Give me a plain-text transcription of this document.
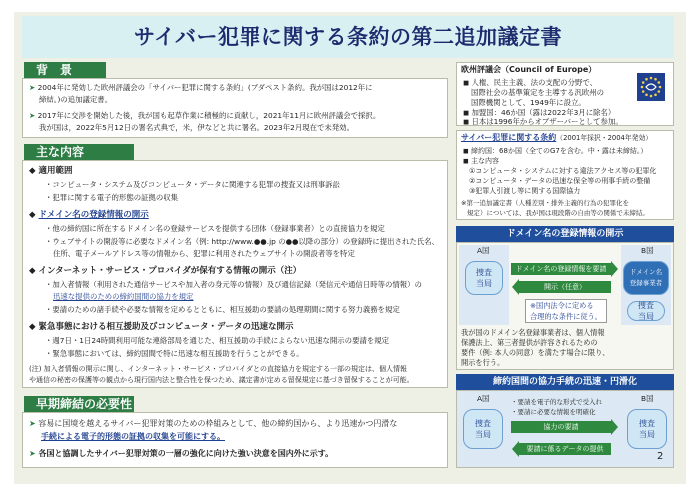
サイバー犯罪に関する条約の第二追加議定書
背　景
➤ 2004年に発効した欧州評議会の「サイバー犯罪に関する条約」(ブダペスト条約。我が国は2012年に
締結。)の追加議定書。
➤ 2017年に交渉を開始した後，我が国も起草作業に積極的に貢献し，2021年11月に欧州評議会で採択。
我が国は，2022年5月12日の署名式典で，米，伊などと共に署名。2023年2月現在で未発効。
主な内容
◆ 適用範囲
・コンピュータ・システム及びコンピュータ・データに関連する犯罪の捜査又は刑事訴訟
・犯罪に関する電子的形態の証拠の収集
◆ ドメイン名の登録情報の開示
・他の締約国に所在するドメイン名の登録サービスを提供する団体（登録事業者）との直接協力を規定
・ウェブサイトの開設等に必要なドメイン名（例: http://www.●●.jp の●●以降の部分）の登録時に提出された氏名、
住所、電子メールアドレス等の情報から、犯罪に利用されたウェブサイトの開設者等を特定
◆ インターネット・サービス・プロバイダが保有する情報の開示（注）
・加入者情報（利用された通信サービスや加入者の身元等の情報）及び通信記録（発信元や通信日時等の情報）の
迅速な提供のための締約国間の協力を規定
・要請のための諸手続や必要な情報を定めるとともに、相互援助の要請の処理期間に関する努力義務を規定
◆ 緊急事態における相互援助及びコンピュータ・データの迅速な開示
・週7日・1日24時間利用可能な連絡部局を通じた、相互援助の手続によらない迅速な開示の要請を規定
・緊急事態においては、締約国間で特に迅速な相互援助を行うことができる。
(注) 加入者情報の開示に関し、インターネット・サービス・プロバイダとの直接協力を規定する一部の規定は、個人情報
や通信の秘密の保護等の観点から現行国内法と整合性を保つため、議定書が定める留保規定に基づき留保することが可能。
早期締結の必要性
➤ 容易に国境を越えるサイバー犯罪対策のための枠組みとして、他の締約国から、より迅速かつ円滑な
手続による電子的形態の証拠の収集を可能にする。
➤ 各国と協調したサイバー犯罪対策の一層の強化に向けた強い決意を国内外に示す。
欧州評議会（Council of Europe）
◼ 人権、民主主義、法の支配の分野で、
国際社会の基準策定を主導する汎欧州の
国際機関として、1949年に設立。
◼ 加盟国：46か国（露は2022年3月に除名）
◼ 日本は1996年からオブザーバーとして参加。
サイバー犯罪に関する条約（2001年採択・2004年発効）
◼ 締約国：68か国（全てのG7を含む。中・露は未締結。）
◼ 主な内容
①コンピュータ・システムに対する違法アクセス等の犯罪化
②コンピュータ・データの迅速な保全等の刑事手続の整備
③犯罪人引渡し等に関する国際協力
※第一追加議定書（人種差別・排外主義的行為の犯罪化を
規定）については、我が国は現段階の自由等の関係で未締結。
ドメイン名の登録情報の開示
A国	B国
捜査
当局
ドメイン名
登録事業者
捜査
当局
ドメイン名の登録情報を要請
開示（任意）
※国内法令に定める
合理的な条件に従う。
我が国のドメイン名登録事業者は、個人情報
保護法上、第三者提供が許容されるための
要件（例: 本人の同意）を満たす場合に限り、
開示を行う。
締約国間の協力手続の迅速・円滑化
A国	B国
捜査
当局
捜査
当局
・要請を電子的な形式で受入れ
・要請に必要な情報を明確化
協力の要請
要請に係るデータの提供
2
